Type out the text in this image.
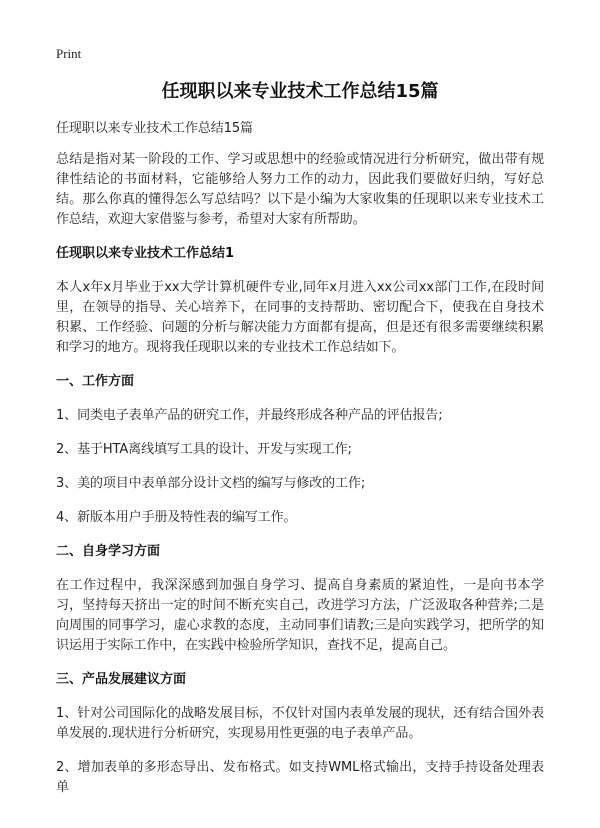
Print
任现职以来专业技术工作总结15篇

任现职以来专业技术工作总结15篇

总结是指对某一阶段的工作、学习或思想中的经验或情况进行分析研究，做出带有规律性结论的书面材料，它能够给人努力工作的动力，因此我们要做好归纳，写好总结。那么你真的懂得怎么写总结吗？以下是小编为大家收集的任现职以来专业技术工作总结，欢迎大家借鉴与参考，希望对大家有所帮助。

任现职以来专业技术工作总结1

本人x年x月毕业于xx大学计算机硬件专业,同年x月进入xx公司xx部门工作,在段时间里，在领导的指导、关心培养下，在同事的支持帮助、密切配合下，使我在自身技术积累、工作经验、问题的分析与解决能力方面都有提高，但是还有很多需要继续积累和学习的地方。现将我任现职以来的专业技术工作总结如下。

一、工作方面

1、同类电子表单产品的研究工作，并最终形成各种产品的评估报告;

2、基于HTA离线填写工具的设计、开发与实现工作;

3、美的项目中表单部分设计文档的编写与修改的工作;

4、新版本用户手册及特性表的编写工作。

二、自身学习方面

在工作过程中，我深深感到加强自身学习、提高自身素质的紧迫性，一是向书本学习，坚持每天挤出一定的时间不断充实自己，改进学习方法，广泛汲取各种营养;二是向周围的同事学习，虚心求教的态度，主动同事们请教;三是向实践学习，把所学的知识运用于实际工作中，在实践中检验所学知识，查找不足，提高自己。

三、产品发展建议方面

1、针对公司国际化的战略发展目标，不仅针对国内表单发展的现状，还有结合国外表单发展的.现状进行分析研究，实现易用性更强的电子表单产品。

2、增加表单的多形态导出、发布格式。如支持WML格式输出，支持手持设备处理表单
